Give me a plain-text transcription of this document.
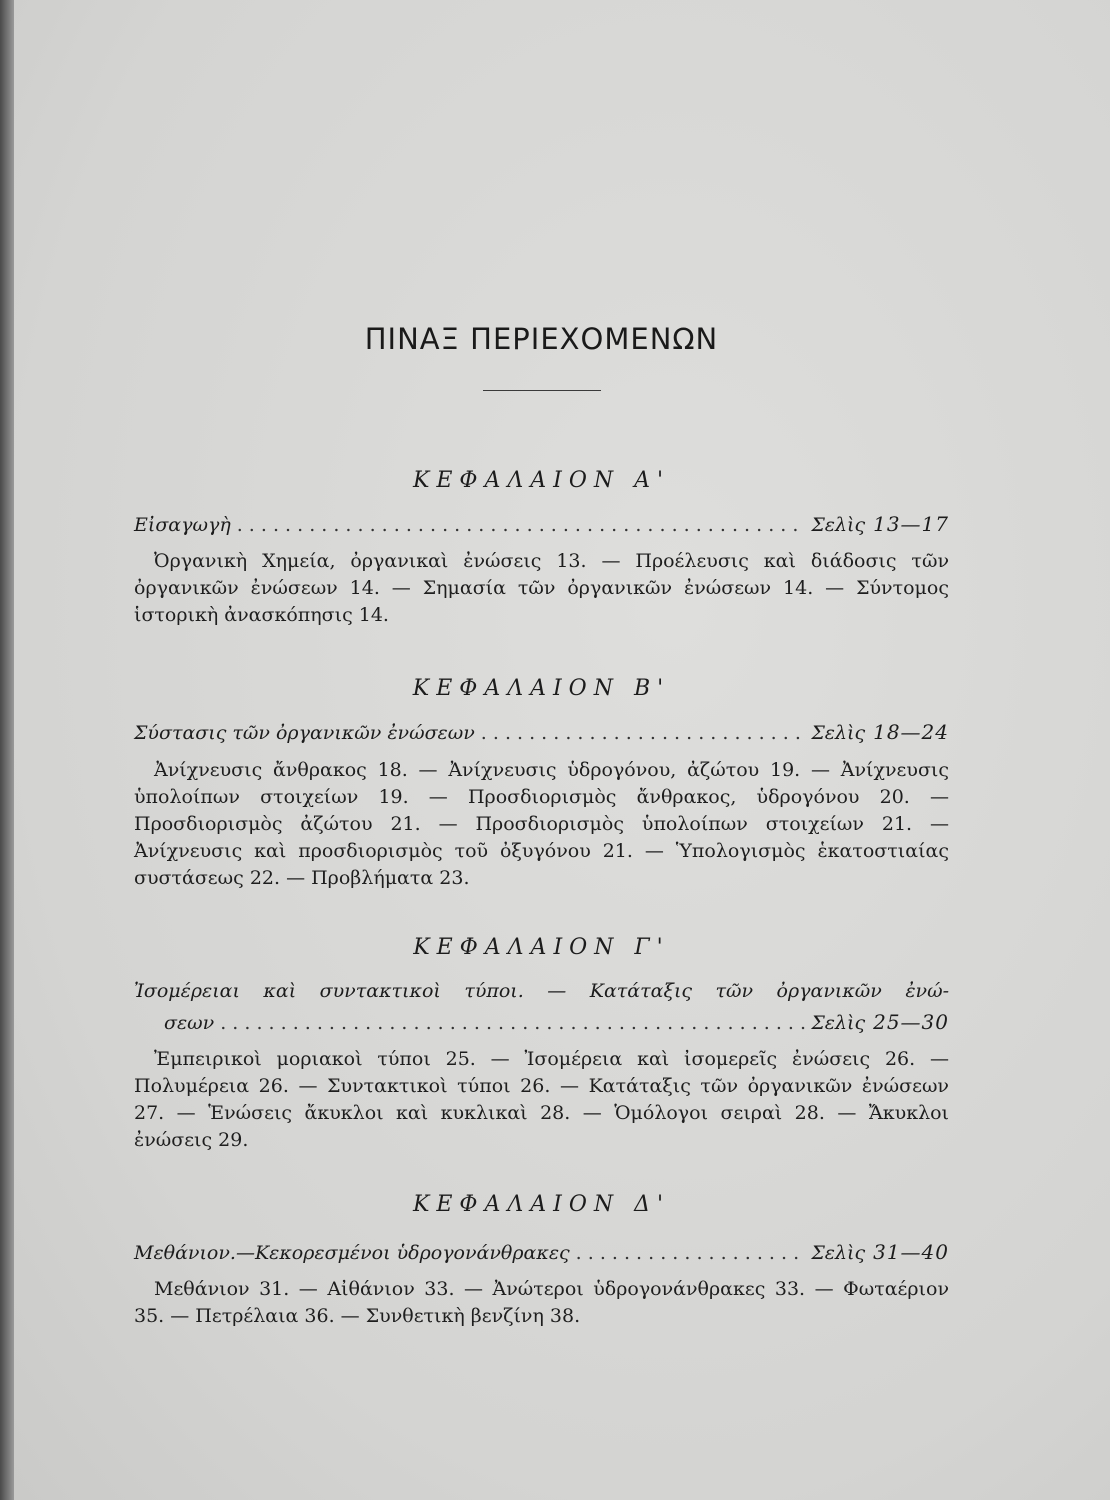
ΠΙΝΑΞ ΠΕΡΙΕΧΟΜΕΝΩΝ
ΚΕΦΑΛΑΙΟΝ Α'
Εἰσαγωγὴ . . .	Σελὶς 13—17
Ὀργανικὴ Χημεία, ὀργανικαὶ ἐνώσεις 13. — Προέλευσις καὶ διάδοσις τῶν ὀργανικῶν ἐνώσεων 14. — Σημασία τῶν ὀργανικῶν ἐνώσεων 14. — Σύντομος ἱστορικὴ ἀνασκόπησις 14.
ΚΕΦΑΛΑΙΟΝ Β'
Σύστασις τῶν ὀργανικῶν ἐνώσεων . . .	Σελὶς 18—24
Ἀνίχνευσις ἄνθρακος 18. — Ἀνίχνευσις ὑδρογόνου, ἀζώτου 19. — Ἀνίχνευσις ὑπολοίπων στοιχείων 19. — Προσδιορισμὸς ἄνθρακος, ὑδρογόνου 20. — Προσδιορισμὸς ἀζώτου 21. — Προσδιορισμὸς ὑπολοίπων στοιχείων 21. — Ἀνίχνευσις καὶ προσδιορισμὸς τοῦ ὀξυγόνου 21. — Ὑπολογισμὸς ἑκατοστιαίας συστάσεως 22. — Προβλήματα 23.
ΚΕΦΑΛΑΙΟΝ Γ'
Ἰσομέρειαι καὶ συντακτικοὶ τύποι. — Κατάταξις τῶν ὀργανικῶν ἐνώ-
σεων . . .	Σελὶς 25—30
Ἐμπειρικοὶ μοριακοὶ τύποι 25. — Ἰσομέρεια καὶ ἰσομερεῖς ἐνώσεις 26. — Πολυμέρεια 26. — Συντακτικοὶ τύποι 26. — Κατάταξις τῶν ὀργανικῶν ἐνώσεων 27. — Ἑνώσεις ἄκυκλοι καὶ κυκλικαὶ 28. — Ὁμόλογοι σειραὶ 28. — Ἄκυκλοι ἐνώσεις 29.
ΚΕΦΑΛΑΙΟΝ Δ'
Μεθάνιον.—Κεκορεσμένοι ὑδρογονάνθρακες . . .	Σελὶς 31—40
Μεθάνιον 31. — Αἰθάνιον 33. — Ἀνώτεροι ὑδρογονάνθρακες 33. — Φωταέριον 35. — Πετρέλαια 36. — Συνθετικὴ βενζίνη 38.
